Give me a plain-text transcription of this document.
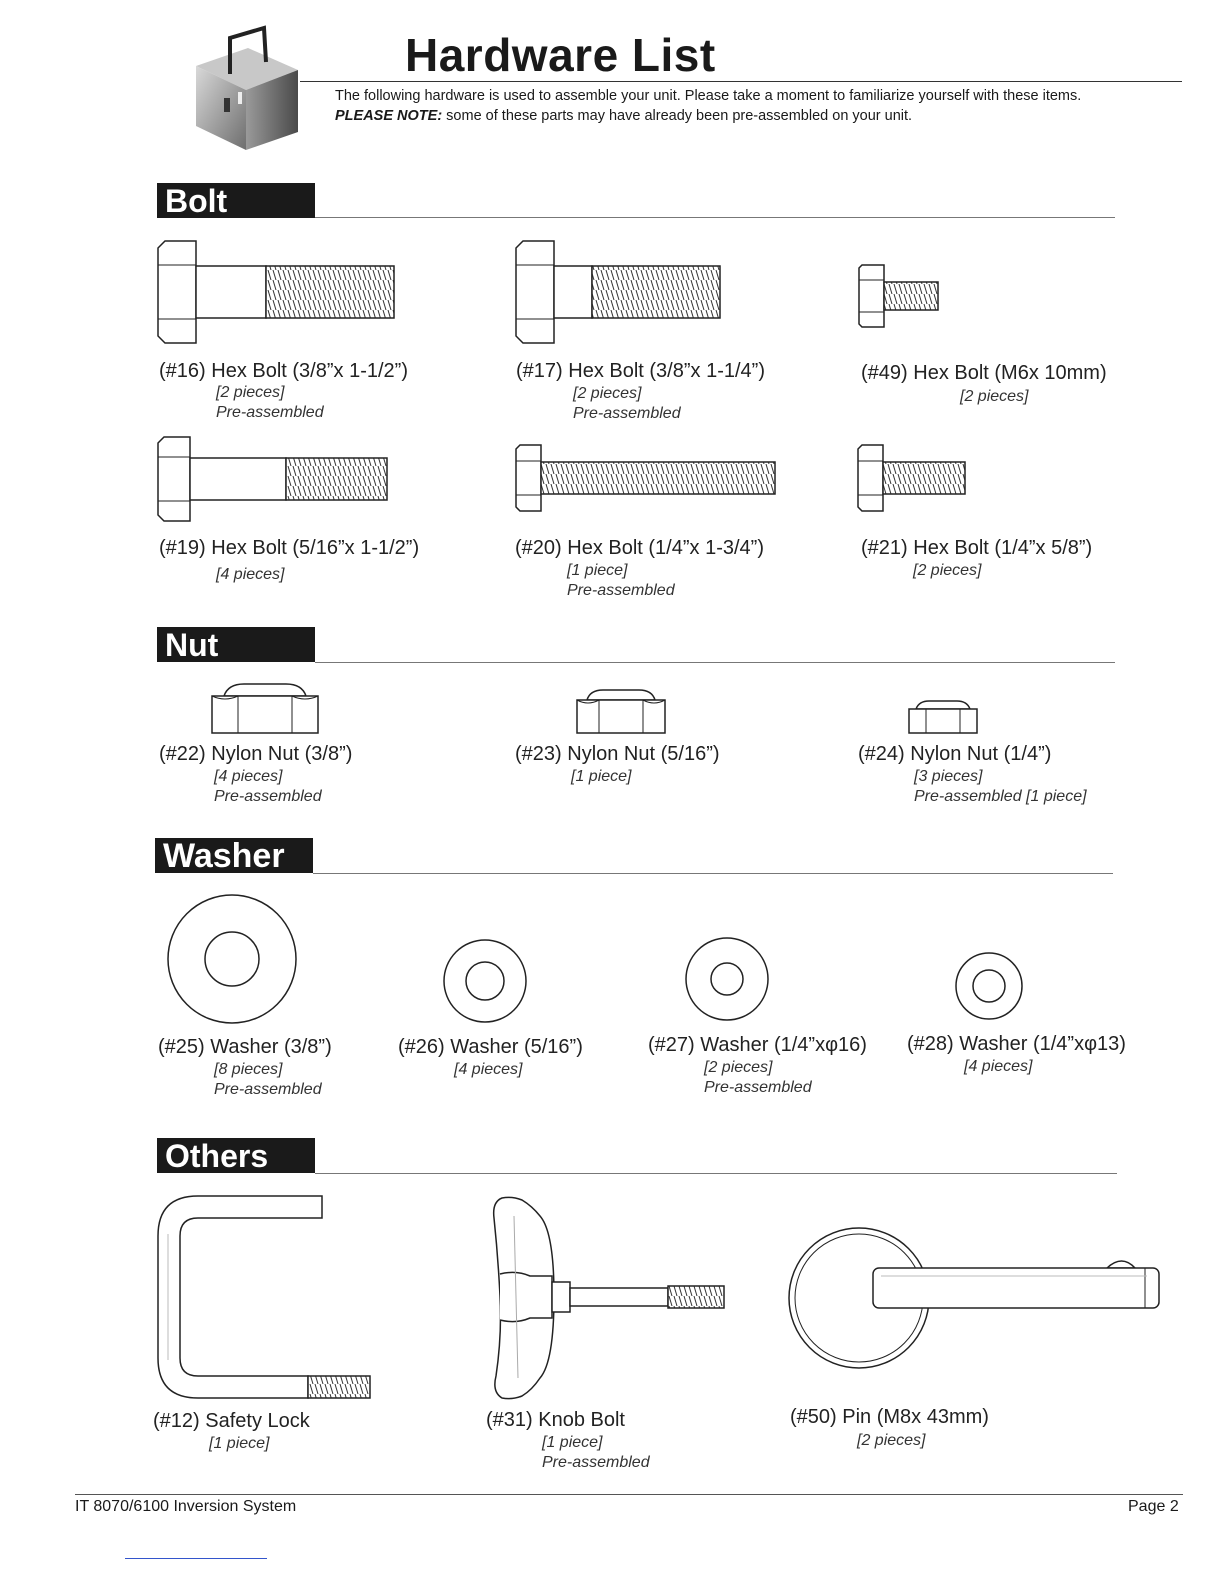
Hardware List
The following hardware is used to assemble your unit. Please take a moment to familiarize yourself with these items.
PLEASE NOTE: some of these parts may have already been pre-assembled on your unit.
Bolt
(#16) Hex Bolt (3/8”x 1-1/2”)
[2 pieces]
Pre-assembled
(#17) Hex Bolt (3/8”x 1-1/4”)
[2 pieces]
Pre-assembled
(#49) Hex Bolt (M6x 10mm)
[2 pieces]
(#19) Hex Bolt (5/16”x 1-1/2”)
[4 pieces]
(#20) Hex Bolt (1/4”x 1-3/4”)
[1 piece]
Pre-assembled
(#21) Hex Bolt (1/4”x 5/8”)
[2 pieces]
Nut
(#22) Nylon Nut (3/8”)
[4 pieces]
Pre-assembled
(#23) Nylon Nut (5/16”)
[1 piece]
(#24) Nylon Nut (1/4”)
[3 pieces]
Pre-assembled [1 piece]
Washer
(#25) Washer (3/8”)
[8 pieces]
Pre-assembled
(#26) Washer (5/16”)
[4 pieces]
(#27) Washer (1/4”xφ16)
[2 pieces]
Pre-assembled
(#28) Washer (1/4”xφ13)
[4 pieces]
Others
(#12) Safety Lock
[1 piece]
(#31) Knob Bolt
[1 piece]
Pre-assembled
(#50) Pin (M8x 43mm)
[2 pieces]
IT 8070/6100 Inversion System	Page 2
